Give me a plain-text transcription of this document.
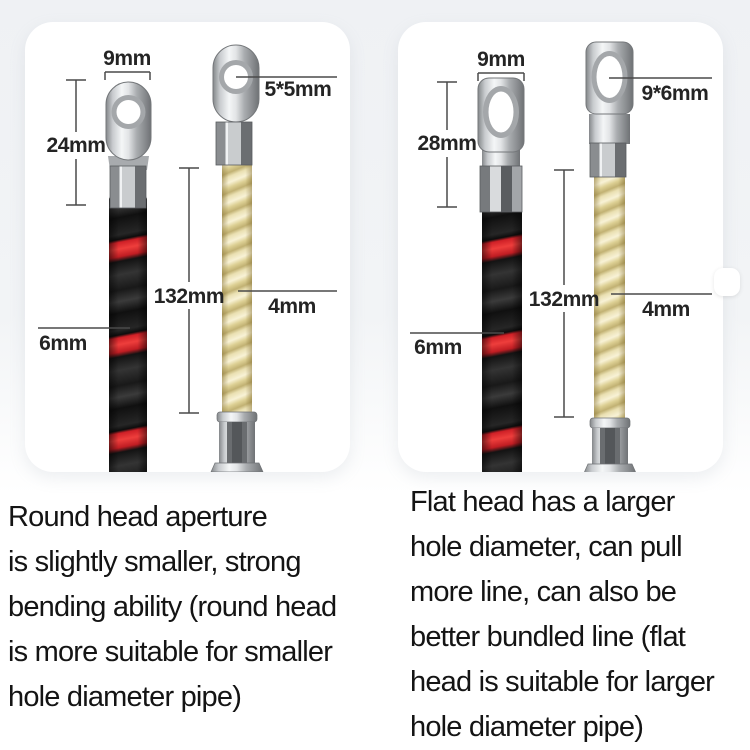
9mm
24mm
5*5mm
132mm 4mm
6mm
9mm
28mm
9*6mm
132mm 4mm
6mm
Round head aperture
is slightly smaller, strong
bending ability (round head
is more suitable for smaller
hole diameter pipe)
Flat head has a larger
hole diameter, can pull
more line, can also be
better bundled line (flat
head is suitable for larger
hole diameter pipe)
